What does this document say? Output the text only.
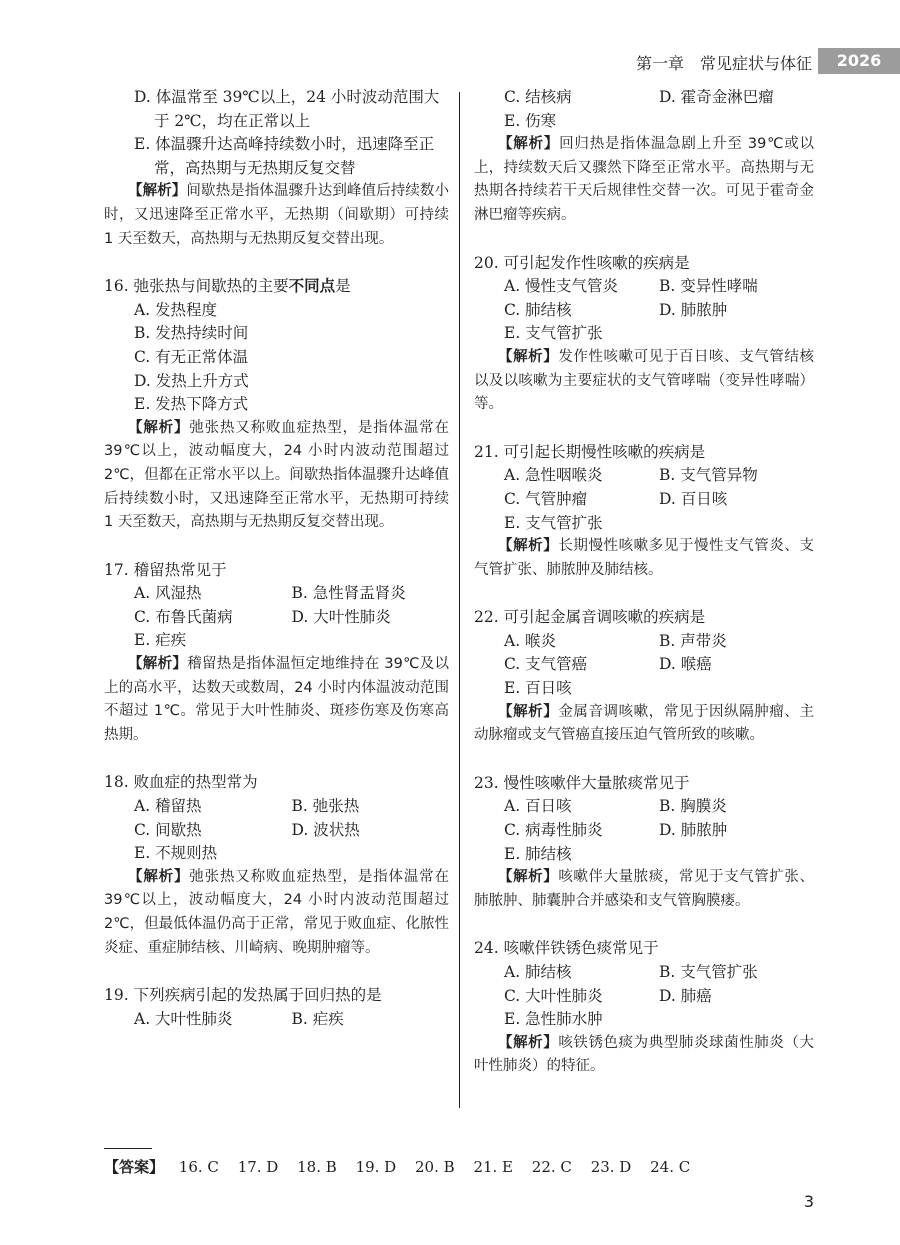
第一章　常见症状与体征	2026
D. 体温常至 39℃以上，24 小时波动范围大于 2℃，均在正常以上
E. 体温骤升达高峰持续数小时，迅速降至正常，高热期与无热期反复交替

【解析】间歇热是指体温骤升达到峰值后持续数小时，又迅速降至正常水平，无热期（间歇期）可持续 1 天至数天，高热期与无热期反复交替出现。

16. 弛张热与间歇热的主要不同点是

A. 发热程度
B. 发热持续时间
C. 有无正常体温
D. 发热上升方式
E. 发热下降方式

【解析】弛张热又称败血症热型，是指体温常在 39℃以上，波动幅度大，24 小时内波动范围超过 2℃，但都在正常水平以上。间歇热指体温骤升达峰值后持续数小时，又迅速降至正常水平，无热期可持续 1 天至数天，高热期与无热期反复交替出现。

17. 稽留热常见于

A. 风湿热	B. 急性肾盂肾炎
C. 布鲁氏菌病	D. 大叶性肺炎
E. 疟疾

【解析】稽留热是指体温恒定地维持在 39℃及以上的高水平，达数天或数周，24 小时内体温波动范围不超过 1℃。常见于大叶性肺炎、斑疹伤寒及伤寒高热期。

18. 败血症的热型常为

A. 稽留热	B. 弛张热
C. 间歇热	D. 波状热
E. 不规则热

【解析】弛张热又称败血症热型，是指体温常在 39℃以上，波动幅度大，24 小时内波动范围超过 2℃，但最低体温仍高于正常，常见于败血症、化脓性炎症、重症肺结核、川崎病、晚期肿瘤等。

19. 下列疾病引起的发热属于回归热的是

A. 大叶性肺炎	B. 疟疾
C. 结核病	D. 霍奇金淋巴瘤
E. 伤寒

【解析】回归热是指体温急剧上升至 39℃或以上，持续数天后又骤然下降至正常水平。高热期与无热期各持续若干天后规律性交替一次。可见于霍奇金淋巴瘤等疾病。

20. 可引起发作性咳嗽的疾病是

A. 慢性支气管炎	B. 变异性哮喘
C. 肺结核	D. 肺脓肿
E. 支气管扩张

【解析】发作性咳嗽可见于百日咳、支气管结核以及以咳嗽为主要症状的支气管哮喘（变异性哮喘）等。

21. 可引起长期慢性咳嗽的疾病是

A. 急性咽喉炎	B. 支气管异物
C. 气管肿瘤	D. 百日咳
E. 支气管扩张

【解析】长期慢性咳嗽多见于慢性支气管炎、支气管扩张、肺脓肿及肺结核。

22. 可引起金属音调咳嗽的疾病是

A. 喉炎	B. 声带炎
C. 支气管癌	D. 喉癌
E. 百日咳

【解析】金属音调咳嗽，常见于因纵隔肿瘤、主动脉瘤或支气管癌直接压迫气管所致的咳嗽。

23. 慢性咳嗽伴大量脓痰常见于

A. 百日咳	B. 胸膜炎
C. 病毒性肺炎	D. 肺脓肿
E. 肺结核

【解析】咳嗽伴大量脓痰，常见于支气管扩张、肺脓肿、肺囊肿合并感染和支气管胸膜瘘。

24. 咳嗽伴铁锈色痰常见于

A. 肺结核	B. 支气管扩张
C. 大叶性肺炎	D. 肺癌
E. 急性肺水肿

【解析】咳铁锈色痰为典型肺炎球菌性肺炎（大叶性肺炎）的特征。

【答案】 16. C 17. D 18. B 19. D 20. B 21. E 22. C 23. D 24. C
3
